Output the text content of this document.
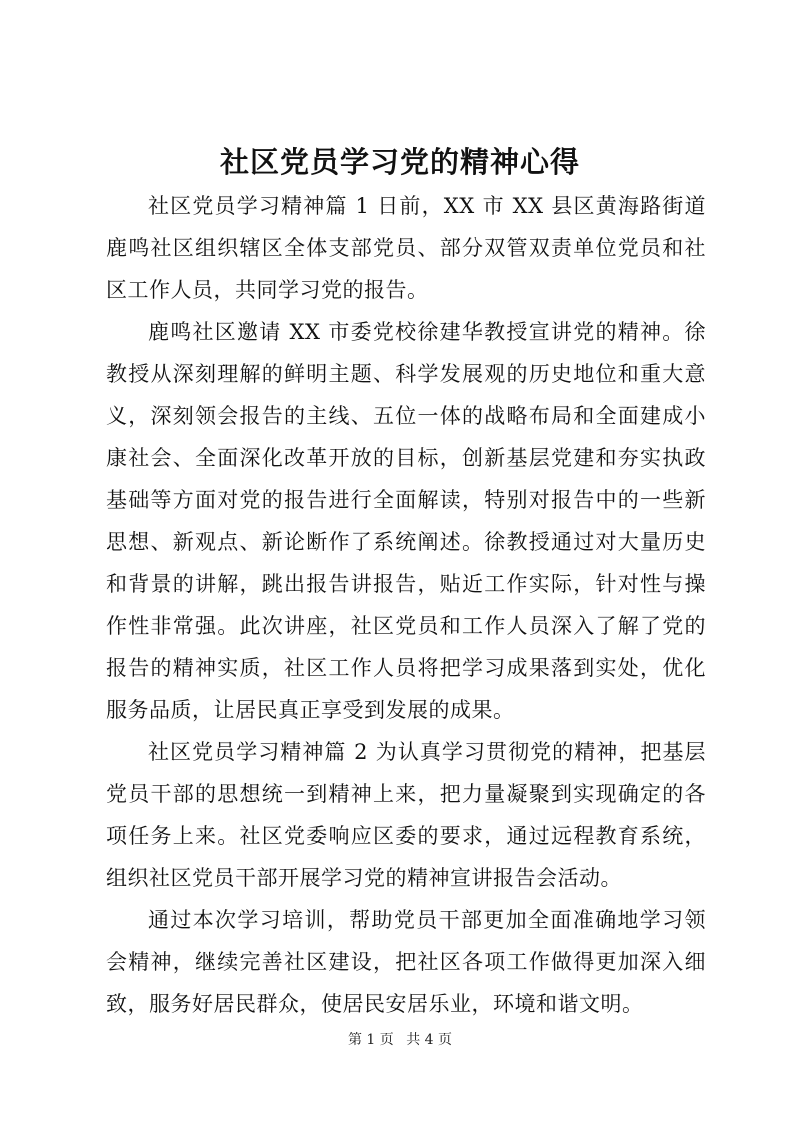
社区党员学习党的精神心得

社区党员学习精神篇 1 日前，XX 市 XX 县区黄海路街道鹿鸣社区组织辖区全体支部党员、部分双管双责单位党员和社区工作人员，共同学习党的报告。

鹿鸣社区邀请 XX 市委党校徐建华教授宣讲党的精神。徐教授从深刻理解的鲜明主题、科学发展观的历史地位和重大意义，深刻领会报告的主线、五位一体的战略布局和全面建成小康社会、全面深化改革开放的目标，创新基层党建和夯实执政基础等方面对党的报告进行全面解读，特别对报告中的一些新思想、新观点、新论断作了系统阐述。徐教授通过对大量历史和背景的讲解，跳出报告讲报告，贴近工作实际，针对性与操作性非常强。此次讲座，社区党员和工作人员深入了解了党的报告的精神实质，社区工作人员将把学习成果落到实处，优化服务品质，让居民真正享受到发展的成果。

社区党员学习精神篇 2 为认真学习贯彻党的精神，把基层党员干部的思想统一到精神上来，把力量凝聚到实现确定的各项任务上来。社区党委响应区委的要求，通过远程教育系统，组织社区党员干部开展学习党的精神宣讲报告会活动。

通过本次学习培训，帮助党员干部更加全面准确地学习领会精神，继续完善社区建设，把社区各项工作做得更加深入细致，服务好居民群众，使居民安居乐业，环境和谐文明。

第 1 页 共 4 页
